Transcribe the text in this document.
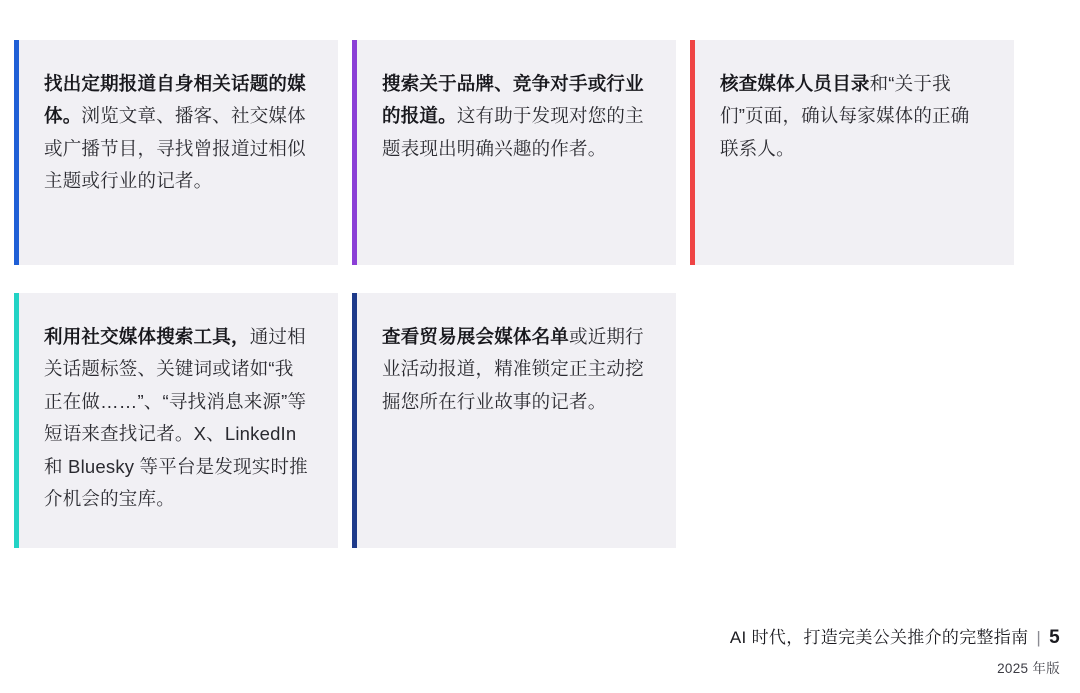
找出定期报道自身相关话题的媒体。浏览文章、播客、社交媒体或广播节目，寻找曾报道过相似主题或行业的记者。

搜索关于品牌、竞争对手或行业的报道。这有助于发现对您的主题表现出明确兴趣的作者。

核查媒体人员目录和“关于我们”页面，确认每家媒体的正确联系人。

利用社交媒体搜索工具，通过相关话题标签、关键词或诸如“我正在做……”、“寻找消息来源”等短语来查找记者。X、LinkedIn 和 Bluesky 等平台是发现实时推介机会的宝库。

查看贸易展会媒体名单或近期行业活动报道，精准锁定正主动挖掘您所在行业故事的记者。

AI 时代，打造完美公关推介的完整指南 | 5
2025 年版
